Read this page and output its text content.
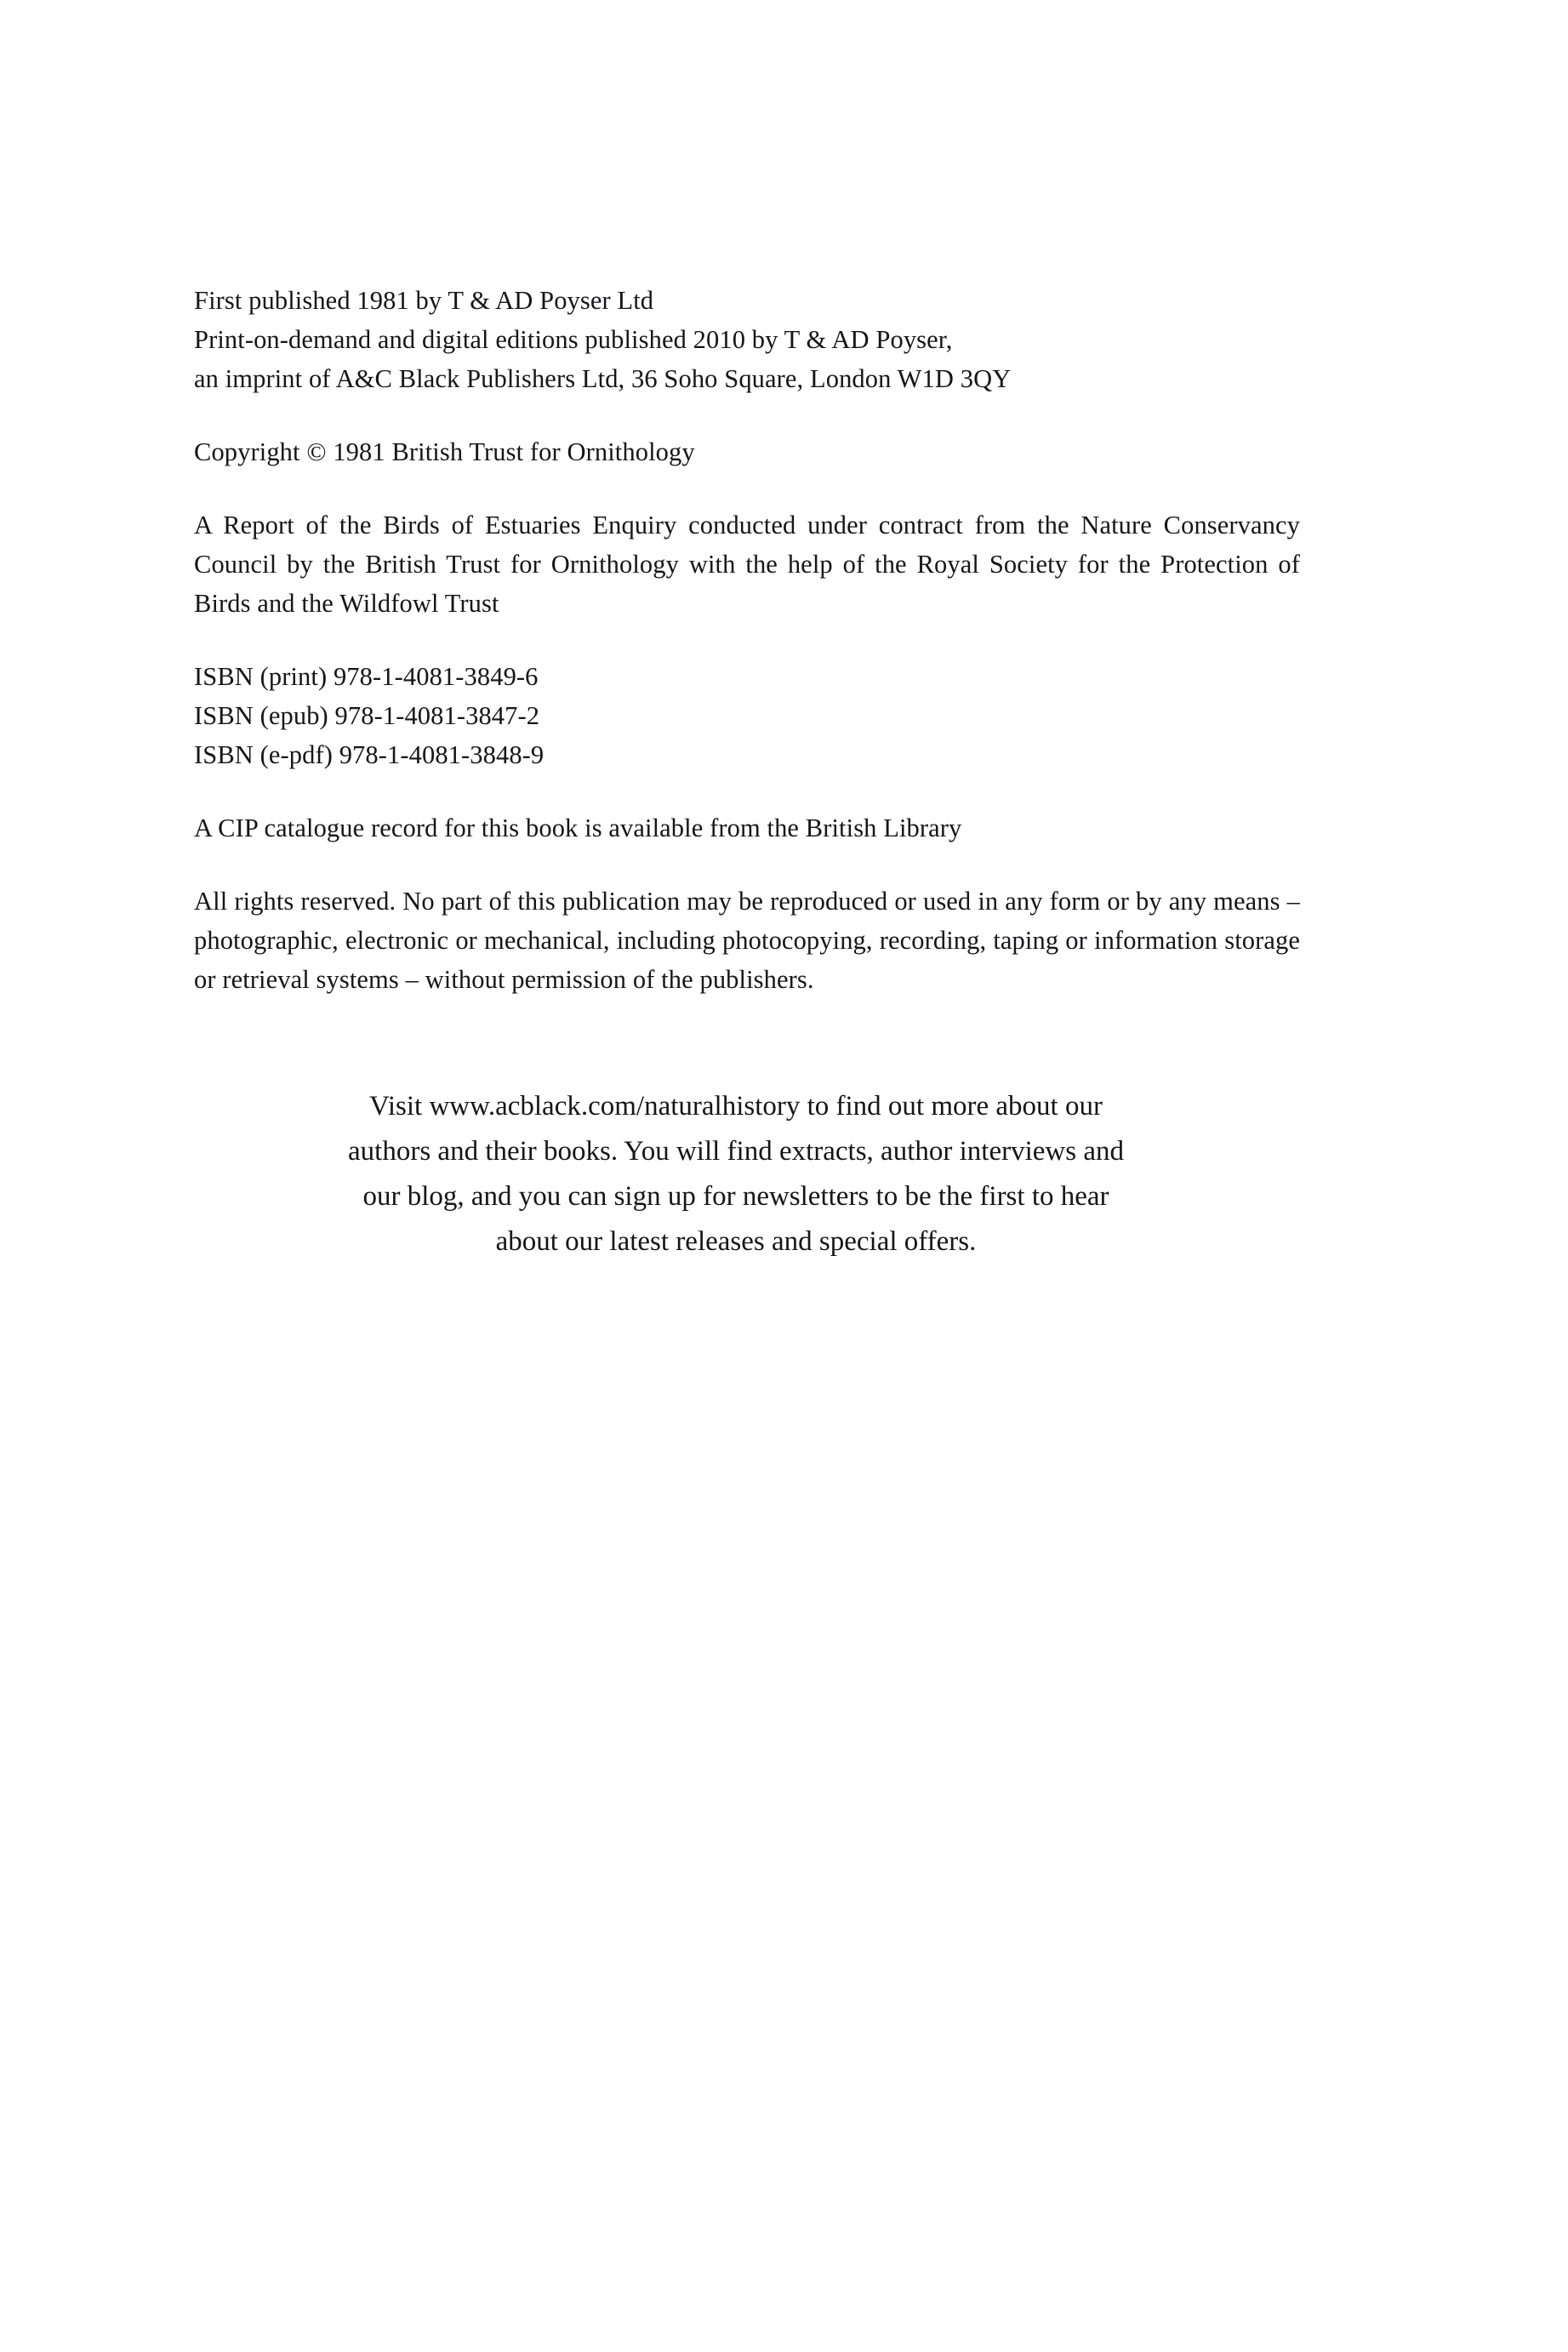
First published 1981 by T & AD Poyser Ltd

Print-on-demand and digital editions published 2010 by T & AD Poyser,

an imprint of A&C Black Publishers Ltd, 36 Soho Square, London W1D 3QY

Copyright © 1981 British Trust for Ornithology

A Report of the Birds of Estuaries Enquiry conducted under contract from the Nature Conservancy Council by the British Trust for Ornithology with the help of the Royal Society for the Protection of Birds and the Wildfowl Trust

ISBN (print) 978-1-4081-3849-6

ISBN (epub) 978-1-4081-3847-2

ISBN (e-pdf) 978-1-4081-3848-9

A CIP catalogue record for this book is available from the British Library

All rights reserved. No part of this publication may be reproduced or used in any form or by any means – photographic, electronic or mechanical, including photocopying, recording, taping or information storage or retrieval systems – without permission of the publishers.

Visit www.acblack.com/naturalhistory to find out more about our

authors and their books. You will find extracts, author interviews and

our blog, and you can sign up for newsletters to be the first to hear

about our latest releases and special offers.
